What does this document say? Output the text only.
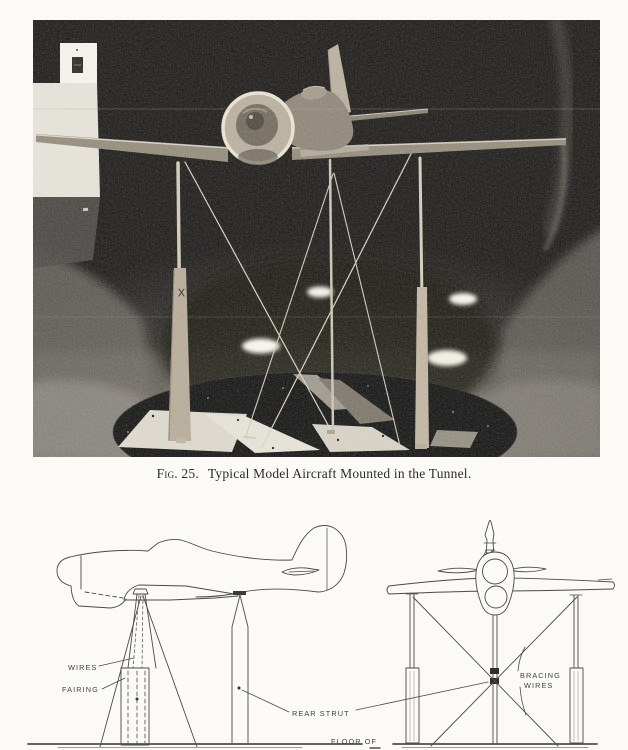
Fig. 25. Typical Model Aircraft Mounted in the Tunnel.
WIRES
FAIRING
REAR STRUT
FLOOR OF
BRACING
WIRES
